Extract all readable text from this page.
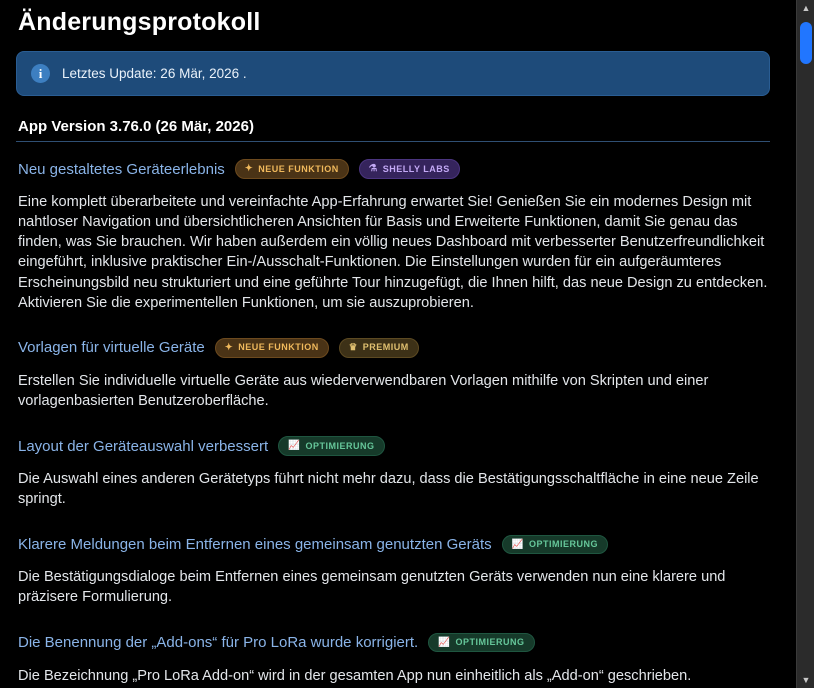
Änderungsprotokoll
i	Letztes Update: 26 Mär, 2026 .
App Version 3.76.0 (26 Mär, 2026)
Neu gestaltetes Geräteerlebnis ✦ NEUE FUNKTION	⚗ SHELLY LABS
Eine komplett überarbeitete und vereinfachte App-Erfahrung erwartet Sie! Genießen Sie ein modernes Design mit nahtloser Navigation und übersichtlicheren Ansichten für Basis und Erweiterte Funktionen, damit Sie genau das finden, was Sie brauchen. Wir haben außerdem ein völlig neues Dashboard mit verbesserter Benutzerfreundlichkeit eingeführt, inklusive praktischer Ein-/Ausschalt-Funktionen. Die Einstellungen wurden für ein aufgeräumteres Erscheinungsbild neu strukturiert und eine geführte Tour hinzugefügt, die Ihnen hilft, das neue Design zu entdecken. Aktivieren Sie die experimentellen Funktionen, um sie auszuprobieren.
Vorlagen für virtuelle Geräte ✦ NEUE FUNKTION	♛ PREMIUM
Erstellen Sie individuelle virtuelle Geräte aus wiederverwendbaren Vorlagen mithilfe von Skripten und einer vorlagenbasierten Benutzeroberfläche.
Layout der Geräteauswahl verbessert 📈 OPTIMIERUNG
Die Auswahl eines anderen Gerätetyps führt nicht mehr dazu, dass die Bestätigungsschaltfläche in eine neue Zeile springt.
Klarere Meldungen beim Entfernen eines gemeinsam genutzten Geräts 📈 OPTIMIERUNG
Die Bestätigungsdialoge beim Entfernen eines gemeinsam genutzten Geräts verwenden nun eine klarere und präzisere Formulierung.
Die Benennung der „Add-ons“ für Pro LoRa wurde korrigiert. 📈 OPTIMIERUNG
Die Bezeichnung „Pro LoRa Add-on“ wird in der gesamten App nun einheitlich als „Add-on“ geschrieben.
▲
▼
